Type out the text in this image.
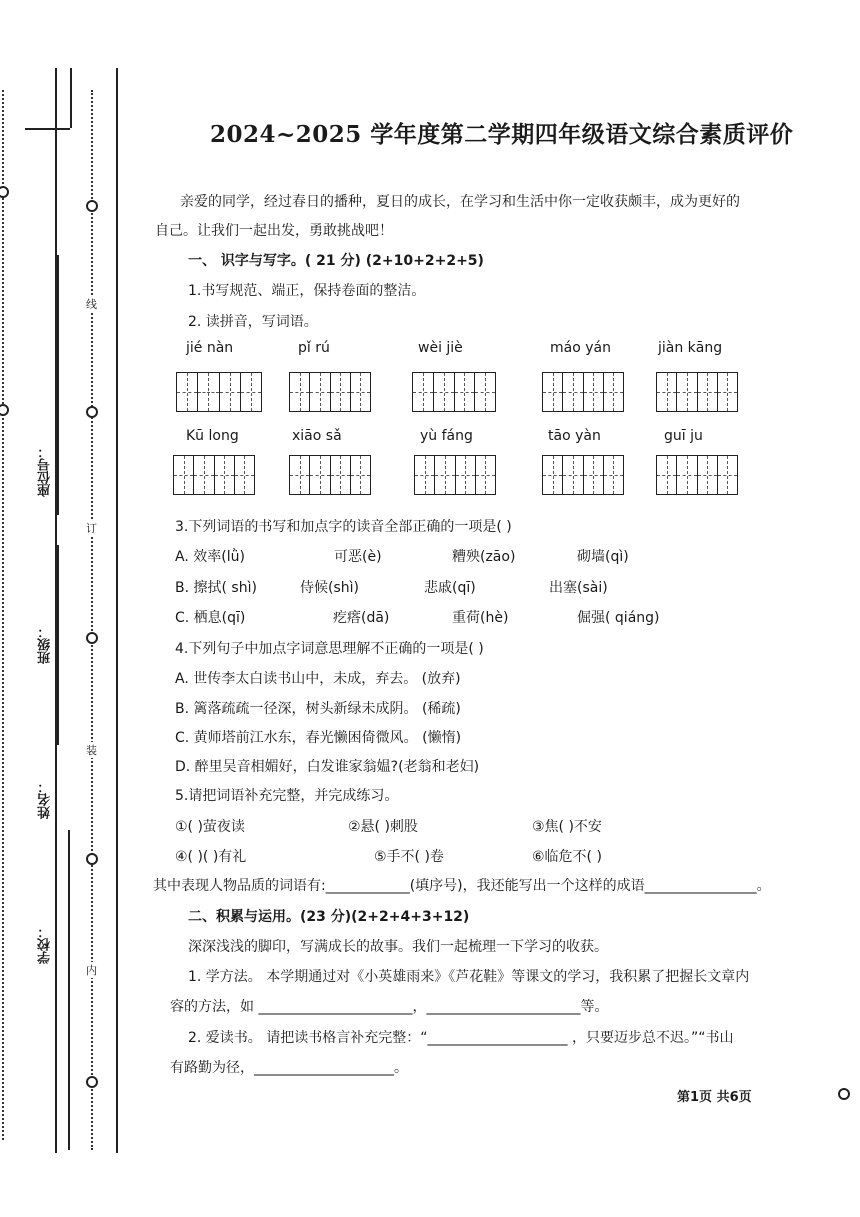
学校：
姓名：
班级：
座位号：
线
订
装
内
2024~2025 学年度第二学期四年级语文综合素质评价
亲爱的同学，经过春日的播种，夏日的成长，在学习和生活中你一定收获颇丰，成为更好的
自己。让我们一起出发，勇敢挑战吧！
一、 识字与写字。( 21 分) (2+10+2+2+5)
1.书写规范、端正，保持卷面的整洁。
2. 读拼音，写词语。
jié nàn	pǐ rú	wèi jiè	máo yán	jiàn kāng
Kū long	xiāo sǎ	yù fáng	tāo yàn	guī ju
3.下列词语的书写和加点字的读音全部正确的一项是( )
A. 效率(lǜ)	可恶(è)	糟殃(zāo)	砌墙(qì)
B. 擦拭( shì)	侍候(shì)	悲戚(qī)	出塞(sài)
C. 栖息(qī)	疙瘩(dā)	重荷(hè)	倔强( qiáng)
4.下列句子中加点字词意思理解不正确的一项是( )
A. 世传李太白读书山中，未成，弃去。 (放弃)
B. 篱落疏疏一径深，树头新绿未成阴。 (稀疏)
C. 黄师塔前江水东，春光懒困倚微风。 (懒惰)
D. 醉里吴音相媚好，白发谁家翁媪?(老翁和老妇)
5.请把词语补充完整，并完成练习。
①( )萤夜读	②悬( )刺股	③焦( )不安
④( )( )有礼	⑤手不( )卷	⑥临危不( )
其中表现人物品质的词语有:____________(填序号)，我还能写出一个这样的成语________________。
二、积累与运用。(23 分)(2+2+4+3+12)
深深浅浅的脚印，写满成长的故事。我们一起梳理一下学习的收获。
1. 学方法。 本学期通过对《小英雄雨来》《芦花鞋》等课文的学习，我积累了把握长文章内
容的方法，如 ______________________，______________________等。
2. 爱读书。 请把读书格言补充完整：“____________________ ，只要迈步总不迟。”“书山
有路勤为径，____________________。
第1页 共6页
